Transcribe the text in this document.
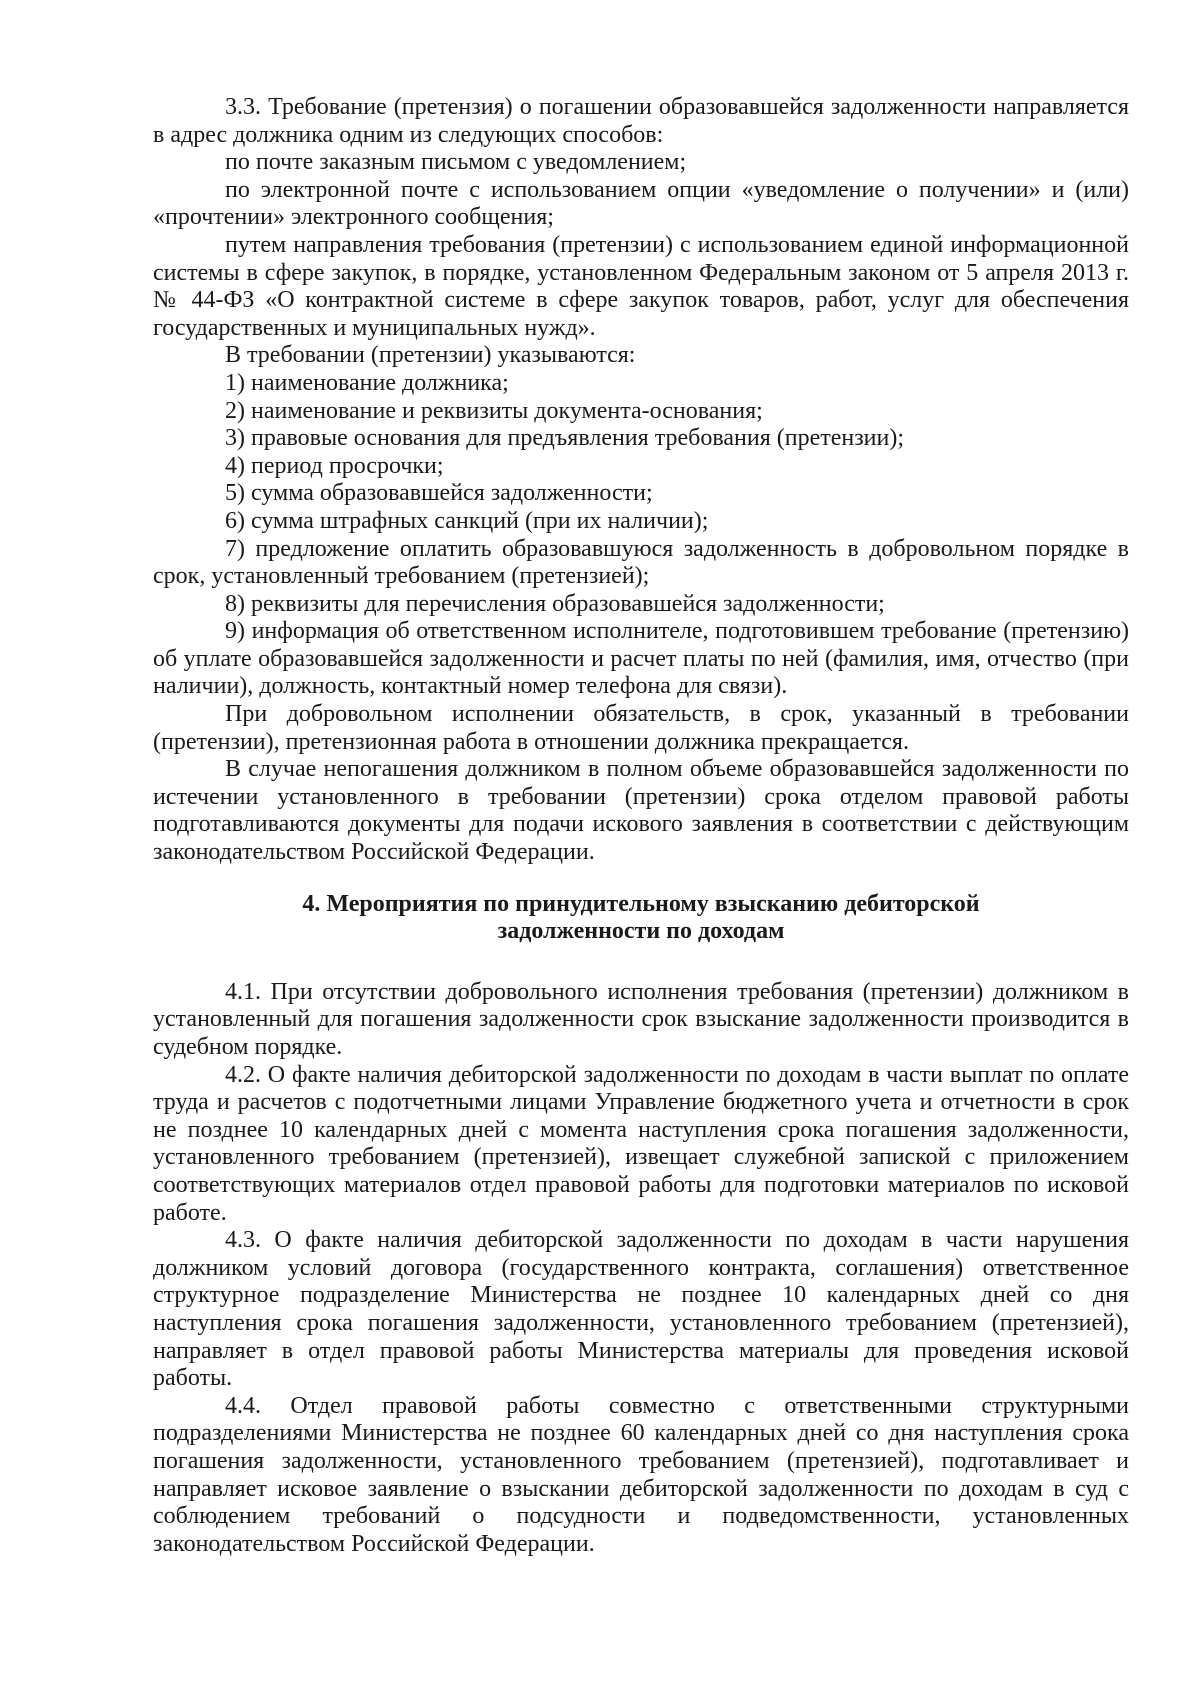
3.3. Требование (претензия) о погашении образовавшейся задолженности направляется в адрес должника одним из следующих способов:

по почте заказным письмом с уведомлением;

по электронной почте с использованием опции «уведомление о получении» и (или) «прочтении» электронного сообщения;

путем направления требования (претензии) с использованием единой информационной системы в сфере закупок, в порядке, установленном Федеральным законом от 5 апреля 2013 г. № 44-ФЗ «О контрактной системе в сфере закупок товаров, работ, услуг для обеспечения государственных и муниципальных нужд».

В требовании (претензии) указываются:

1) наименование должника;

2) наименование и реквизиты документа-основания;

3) правовые основания для предъявления требования (претензии);

4) период просрочки;

5) сумма образовавшейся задолженности;

6) сумма штрафных санкций (при их наличии);

7) предложение оплатить образовавшуюся задолженность в добровольном порядке в срок, установленный требованием (претензией);

8) реквизиты для перечисления образовавшейся задолженности;

9) информация об ответственном исполнителе, подготовившем требование (претензию) об уплате образовавшейся задолженности и расчет платы по ней (фамилия, имя, отчество (при наличии), должность, контактный номер телефона для связи).

При добровольном исполнении обязательств, в срок, указанный в требовании (претензии), претензионная работа в отношении должника прекращается.

В случае непогашения должником в полном объеме образовавшейся задолженности по истечении установленного в требовании (претензии) срока отделом правовой работы подготавливаются документы для подачи искового заявления в соответствии с действующим законодательством Российской Федерации.

4. Мероприятия по принудительному взысканию дебиторской задолженности по доходам

4.1. При отсутствии добровольного исполнения требования (претензии) должником в установленный для погашения задолженности срок взыскание задолженности производится в судебном порядке.

4.2. О факте наличия дебиторской задолженности по доходам в части выплат по оплате труда и расчетов с подотчетными лицами Управление бюджетного учета и отчетности в срок не позднее 10 календарных дней с момента наступления срока погашения задолженности, установленного требованием (претензией), извещает служебной запиской с приложением соответствующих материалов отдел правовой работы для подготовки материалов по исковой работе.

4.3. О факте наличия дебиторской задолженности по доходам в части нарушения должником условий договора (государственного контракта, соглашения) ответственное структурное подразделение Министерства не позднее 10 календарных дней со дня наступления срока погашения задолженности, установленного требованием (претензией), направляет в отдел правовой работы Министерства материалы для проведения исковой работы.

4.4. Отдел правовой работы совместно с ответственными структурными подразделениями Министерства не позднее 60 календарных дней со дня наступления срока погашения задолженности, установленного требованием (претензией), подготавливает и направляет исковое заявление о взыскании дебиторской задолженности по доходам в суд с соблюдением требований о подсудности и подведомственности, установленных законодательством Российской Федерации.
